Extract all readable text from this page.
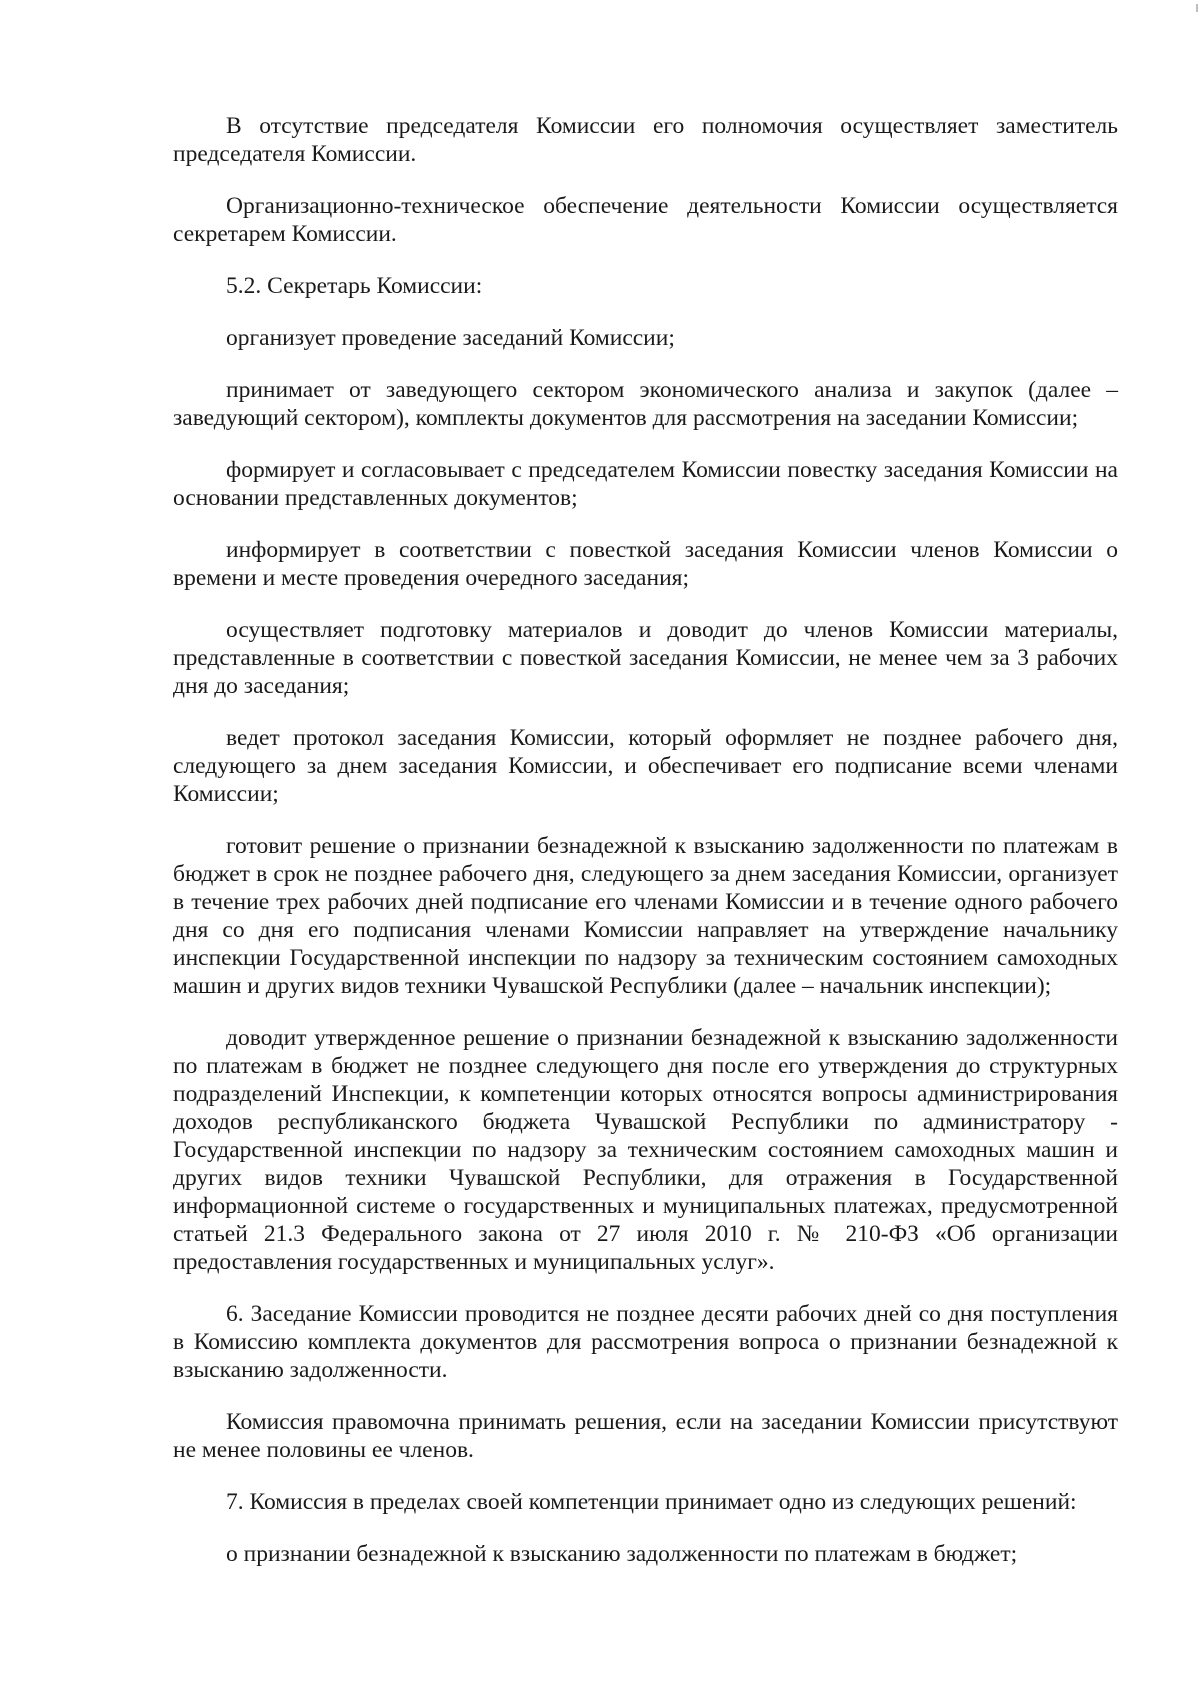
В отсутствие председателя Комиссии его полномочия осуществляет заместитель председателя Комиссии.

Организационно-техническое обеспечение деятельности Комиссии осуществляется секретарем Комиссии.

5.2. Секретарь Комиссии:

организует проведение заседаний Комиссии;

принимает от заведующего сектором экономического анализа и закупок (далее – заведующий сектором), комплекты документов для рассмотрения на заседании Комиссии;

формирует и согласовывает с председателем Комиссии повестку заседания Комиссии на основании представленных документов;

информирует в соответствии с повесткой заседания Комиссии членов Комиссии о времени и месте проведения очередного заседания;

осуществляет подготовку материалов и доводит до членов Комиссии материалы, представленные в соответствии с повесткой заседания Комиссии, не менее чем за 3 рабочих дня до заседания;

ведет протокол заседания Комиссии, который оформляет не позднее рабочего дня, следующего за днем заседания Комиссии, и обеспечивает его подписание всеми членами Комиссии;

готовит решение о признании безнадежной к взысканию задолженности по платежам в бюджет в срок не позднее рабочего дня, следующего за днем заседания Комиссии, организует в течение трех рабочих дней подписание его членами Комиссии и в течение одного рабочего дня со дня его подписания членами Комиссии направляет на утверждение начальнику инспекции Государственной инспекции по надзору за техническим состоянием самоходных машин и других видов техники Чувашской Республики (далее – начальник инспекции);

доводит утвержденное решение о признании безнадежной к взысканию задолженности по платежам в бюджет не позднее следующего дня после его утверждения до структурных подразделений Инспекции, к компетенции которых относятся вопросы администрирования доходов республиканского бюджета Чувашской Республики по администратору - Государственной инспекции по надзору за техническим состоянием самоходных машин и других видов техники Чувашской Республики, для отражения в Государственной информационной системе о государственных и муниципальных платежах, предусмотренной статьей 21.3 Федерального закона от 27 июля 2010 г. № 210-ФЗ «Об организации предоставления государственных и муниципальных услуг».

6. Заседание Комиссии проводится не позднее десяти рабочих дней со дня поступления в Комиссию комплекта документов для рассмотрения вопроса о признании безнадежной к взысканию задолженности.

Комиссия правомочна принимать решения, если на заседании Комиссии присутствуют не менее половины ее членов.

7. Комиссия в пределах своей компетенции принимает одно из следующих решений:

о признании безнадежной к взысканию задолженности по платежам в бюджет;
